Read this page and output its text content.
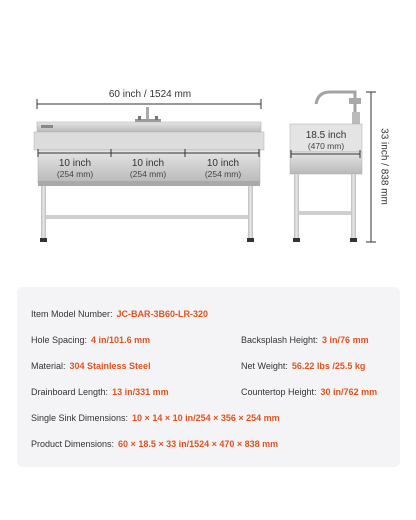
60 inch / 1524 mm
10 inch
(254 mm)
10 inch
(254 mm)
10 inch
(254 mm)
18.5 inch
(470 mm)	33 inch / 838 mm
Item Model Number: JC-BAR-3B60-LR-320
Hole Spacing: 4 in/101.6 mm	Backsplash Height: 3 in/76 mm
Material: 304 Stainless Steel	Net Weight: 56.22 lbs /25.5 kg
Drainboard Length: 13 in/331 mm	Countertop Height: 30 in/762 mm
Single Sink Dimensions: 10 × 14 × 10 in/254 × 356 × 254 mm
Product Dimensions: 60 × 18.5 × 33 in/1524 × 470 × 838 mm
